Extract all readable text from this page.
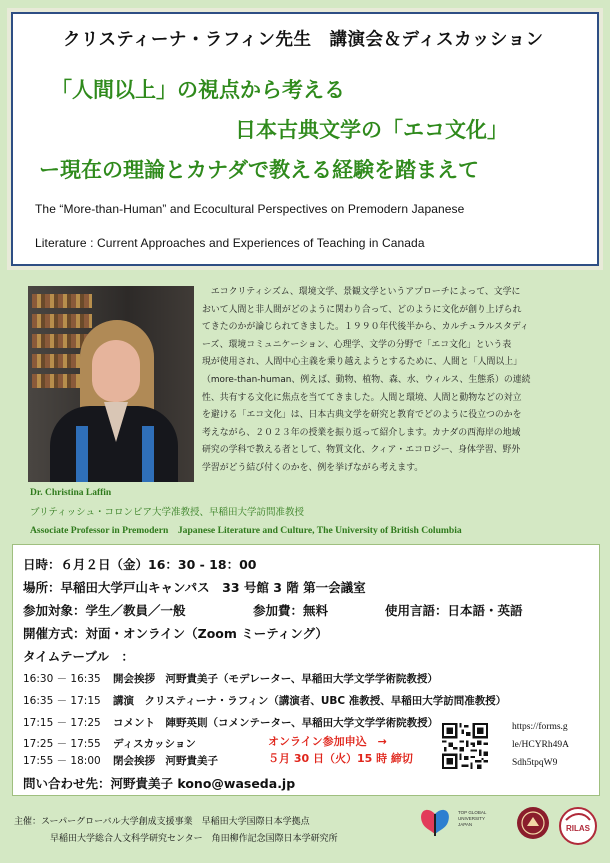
クリスティーナ・ラフィン先生　講演会＆ディスカッション
「人間以上」の視点から考える
日本古典文学の「エコ文化」
ー現在の理論とカナダで教える経験を踏まえて
The “More-than-Human” and Ecocultural Perspectives on Premodern Japanese
Literature : Current Approaches and Experiences of Teaching in Canada
　エコクリティシズム、環境文学、景観文学というアプローチによって、文学に
おいて人間と非人間がどのように関わり合って、どのように文化が創り上げられ
てきたのかが論じられてきました。１９９０年代後半から、カルチュラルスタディ
ーズ、環境コミュニケーション、心理学、文学の分野で「エコ文化」という表
現が使用され、人間中心主義を乗り越えようとするために、人間と「人間以上」
（more-than-human、例えば、動物、植物、森、水、ウィルス、生態系）の連続
性、共有する文化に焦点を当ててきました。人間と環境、人間と動物などの対立
を避ける「エコ文化」は、日本古典文学を研究と教育でどのように役立つのかを
考えながら、２０２３年の授業を振り返って紹介します。カナダの西海岸の地域
研究の学科で教える者として、物質文化、クィア・エコロジー、身体学習、野外
学習がどう結び付くのかを、例を挙げながら考えます。
Dr. Christina Laffin
ブリティッシュ・コロンビア大学准教授、早稲田大学訪問准教授
Associate Professor in Premodern　Japanese Literature and Culture, The University of British Columbia
日時：６月２日（金）16：30 - 18：00
場所：早稲田大学戸山キャンパス　33 号館 3 階 第一会議室
参加対象：学生／教員／一般	参加費：無料	使用言語：日本語・英語
開催方式：対面・オンライン（Zoom ミーティング）
タイムテーブル　：
16:30 － 16:35 開会挨拶　河野貴美子（モデレーター、早稲田大学文学学術院教授）
16:35 － 17:15 講演　クリスティーナ・ラフィン（講演者、UBC 准教授、早稲田大学訪問准教授）
17:15 － 17:25 コメント　陣野英則（コメンテーター、早稲田大学文学学術院教授）
17:25 － 17:55 ディスカッション
17:55 － 18:00 閉会挨拶　河野貴美子
問い合わせ先：河野貴美子 kono@waseda.jp
オンライン参加申込　→
５月 30 日（火）15 時 締切
https://forms.g
le/HCYRh49A
Sdh5tpqW9
主催：スーパーグローバル大学創成支援事業　早稲田大学国際日本学拠点
早稲田大学総合人文科学研究センター　角田柳作記念国際日本学研究所
TOP GLOBAL
UNIVERSITY
JAPAN	RILAS
